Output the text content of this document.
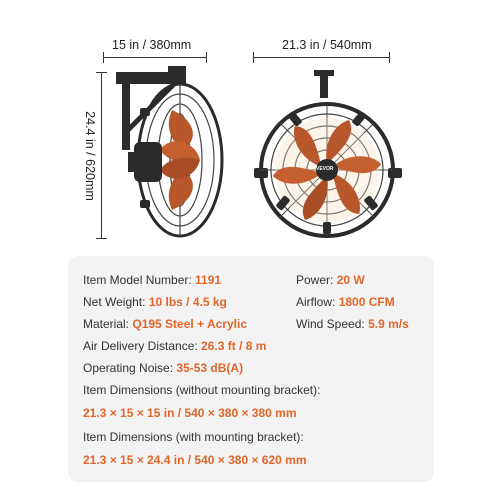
15 in / 380mm	21.3 in / 540mm
24.4 in / 620mm	VEVOR
Item Model Number: 1191	Power: 20 W
Net Weight: 10 lbs / 4.5 kg	Airflow: 1800 CFM
Material: Q195 Steel + Acrylic	Wind Speed: 5.9 m/s
Air Delivery Distance: 26.3 ft / 8 m
Operating Noise: 35-53 dB(A)
Item Dimensions (without mounting bracket):
21.3 × 15 × 15 in / 540 × 380 × 380 mm
Item Dimensions (with mounting bracket):
21.3 × 15 × 24.4 in / 540 × 380 × 620 mm
